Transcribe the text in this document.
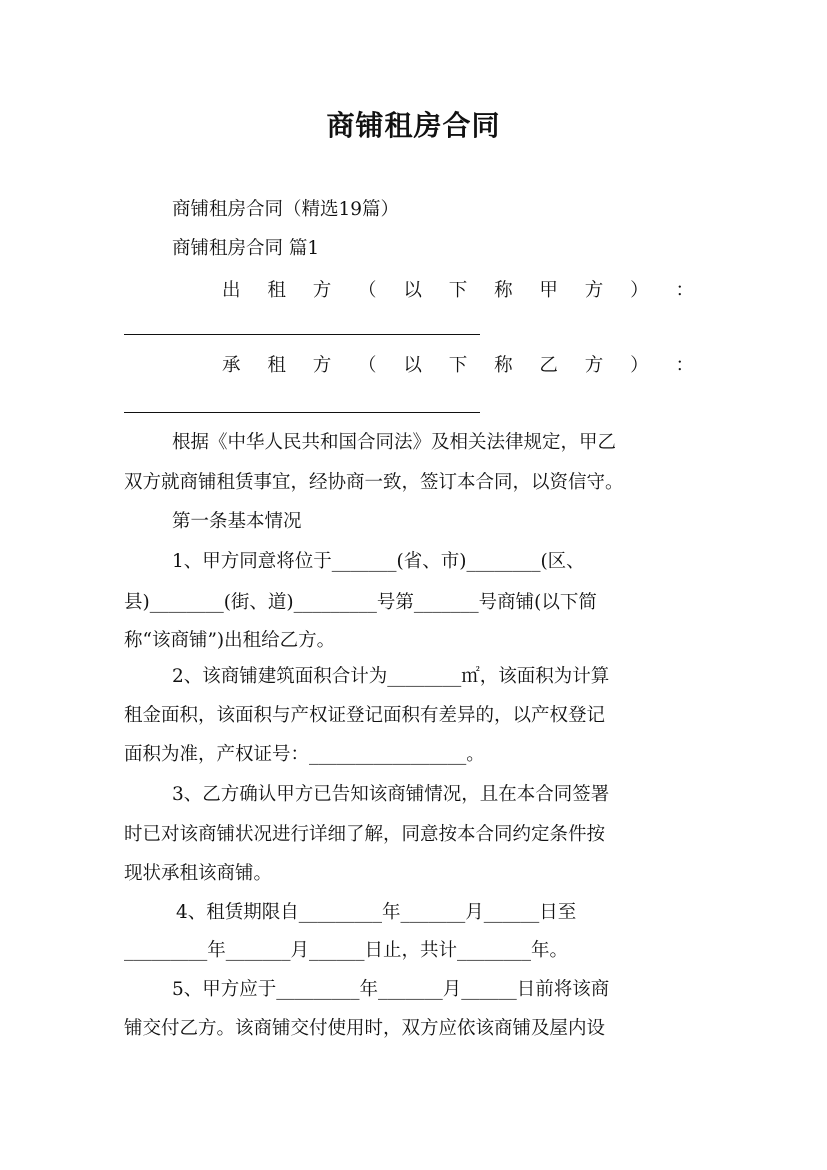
商铺租房合同
商铺租房合同（精选19篇）
商铺租房合同 篇1
出 租 方 （ 以 下 称 甲 方 ） ：
承 租 方 （ 以 下 称 乙 方 ） ：
根据《中华人民共和国合同法》及相关法律规定，甲乙
双方就商铺租赁事宜，经协商一致，签订本合同，以资信守。
第一条基本情况
1、甲方同意将位于_______(省、市)________(区、
县)________(街、道)_________号第_______号商铺(以下简
称“该商铺”)出租给乙方。
2、该商铺建筑面积合计为________㎡，该面积为计算
租金面积，该面积与产权证登记面积有差异的，以产权登记
面积为准，产权证号：_________________。
3、乙方确认甲方已告知该商铺情况，且在本合同签署
时已对该商铺状况进行详细了解，同意按本合同约定条件按
现状承租该商铺。
4、租赁期限自_________年_______月______日至
_________年_______月______日止，共计________年。
5、甲方应于_________年_______月______日前将该商
铺交付乙方。该商铺交付使用时，双方应依该商铺及屋内设
